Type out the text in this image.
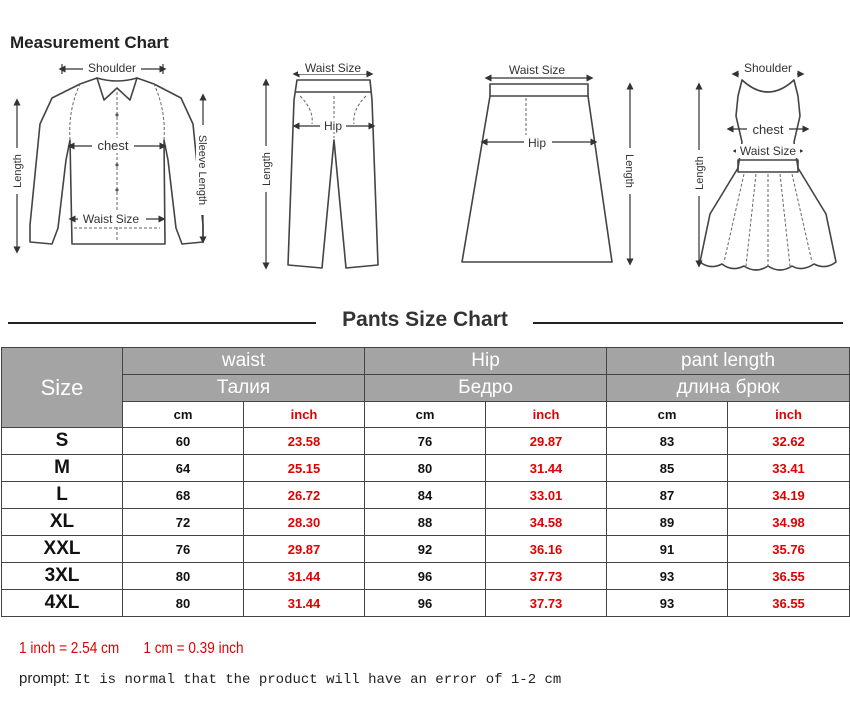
Measurement Chart
Shoulder
chest
Waist Size
Length	Sleeve Length
Waist Size
Hip
Length
Waist Size
Hip
Length
Shoulder
chest
Waist Size
Length
Pants Size Chart
Size	waist		Hip		pant length	
	Талия		Бедро		длина брюк	
	cm	inch	cm	inch	cm	inch
S	60	23.58	76	29.87	83	32.62
M	64	25.15	80	31.44	85	33.41
L	68	26.72	84	33.01	87	34.19
XL	72	28.30	88	34.58	89	34.98
XXL	76	29.87	92	36.16	91	35.76
3XL	80	31.44	96	37.73	93	36.55
4XL	80	31.44	96	37.73	93	36.55
1 inch = 2.54 cm 1 cm = 0.39 inch
prompt: It is normal that the product will have an error of 1-2 cm
